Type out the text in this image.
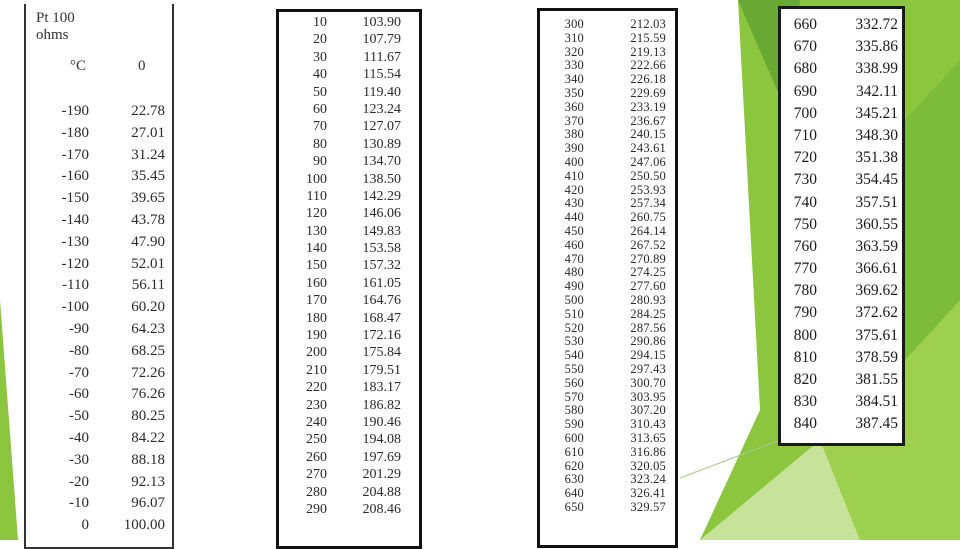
Pt 100
ohms
°C	0
-190	22.78
-180	27.01
-170	31.24
-160	35.45
-150	39.65
-140	43.78
-130	47.90
-120	52.01
-110	56.11
-100	60.20
-90	64.23
-80	68.25
-70	72.26
-60	76.26
-50	80.25
-40	84.22
-30	88.18
-20	92.13
-10	96.07
0	100.00
10	103.90
20	107.79
30	111.67
40	115.54
50	119.40
60	123.24
70	127.07
80	130.89
90	134.70
100	138.50
110	142.29
120	146.06
130	149.83
140	153.58
150	157.32
160	161.05
170	164.76
180	168.47
190	172.16
200	175.84
210	179.51
220	183.17
230	186.82
240	190.46
250	194.08
260	197.69
270	201.29
280	204.88
290	208.46
300	212.03
310	215.59
320	219.13
330	222.66
340	226.18
350	229.69
360	233.19
370	236.67
380	240.15
390	243.61
400	247.06
410	250.50
420	253.93
430	257.34
440	260.75
450	264.14
460	267.52
470	270.89
480	274.25
490	277.60
500	280.93
510	284.25
520	287.56
530	290.86
540	294.15
550	297.43
560	300.70
570	303.95
580	307.20
590	310.43
600	313.65
610	316.86
620	320.05
630	323.24
640	326.41
650	329.57
660	332.72
670	335.86
680	338.99
690	342.11
700	345.21
710	348.30
720	351.38
730	354.45
740	357.51
750	360.55
760	363.59
770	366.61
780	369.62
790	372.62
800	375.61
810	378.59
820	381.55
830	384.51
840	387.45
